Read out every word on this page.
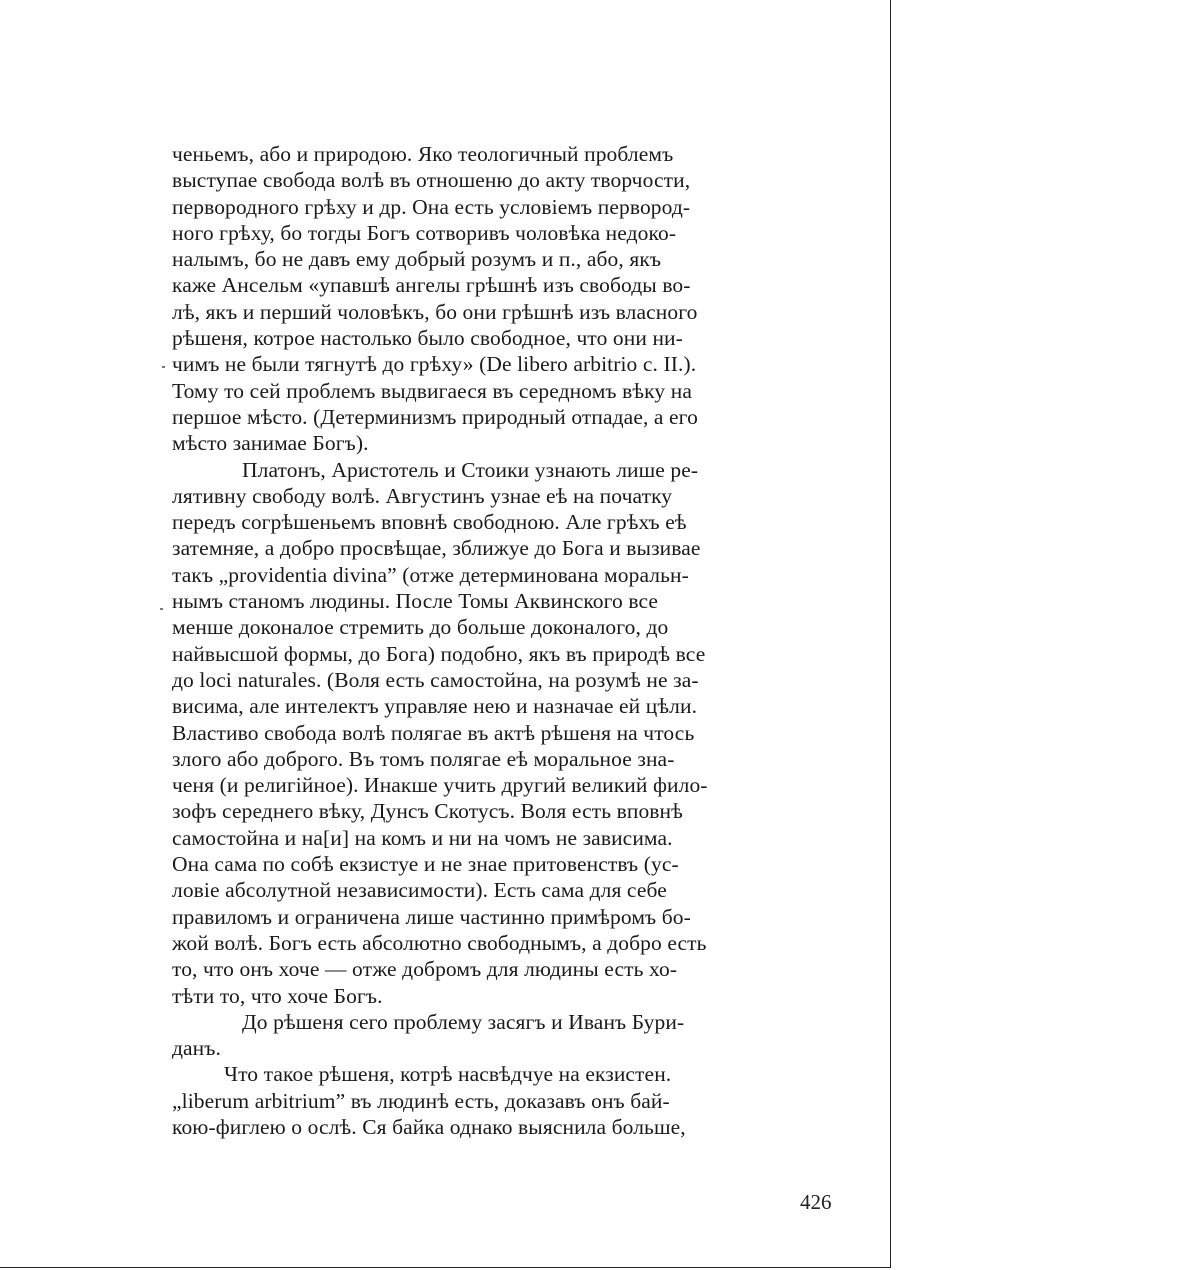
ченьемъ, або и природою. Яко теологичный проблемъ
выступае свобода волѣ въ отношеню до акту творчости,
первородного грѣху и др. Она есть условіемъ первород-
ного грѣху, бо тогды Богъ сотворивъ чоловѣка недоко-
налымъ, бо не давъ ему добрый розумъ и п., або, якъ
каже Ансельм «упавшѣ ангелы грѣшнѣ изъ свободы во-
лѣ, якъ и перший чоловѣкъ, бо они грѣшнѣ изъ власного
рѣшеня, котрое настолько было свободное, что они ни-
чимъ не были тягнутѣ до грѣху» (De libero arbitrio c. II.).
Тому то сей проблемъ выдвигаеся въ середномъ вѣку на
першое мѣсто. (Детерминизмъ природный отпадае, а его
мѣсто занимае Богъ).
Платонъ, Аристотель и Стоики узнають лише ре-
лятивну свободу волѣ. Августинъ узнае еѣ на початку
передъ согрѣшеньемъ вповнѣ свободною. Але грѣхъ еѣ
затемняе, а добро просвѣщае, зближуе до Бога и вызивае
такъ „providentia divina” (отже детерминована моральн-
нымъ станомъ людины. После Томы Аквинского все
менше доконалое стремить до больше доконалого, до
найвысшой формы, до Бога) подобно, якъ въ природѣ все
до loci naturales. (Воля есть самостойна, на розумѣ не за-
висима, але интелектъ управляе нею и назначае ей цѣли.
Властиво свобода волѣ полягае въ актѣ рѣшеня на чтось
злого або доброго. Въ томъ полягае еѣ моральное зна-
ченя (и религійное). Инакше учить другий великий фило-
зофъ середнего вѣку, Дунсъ Скотусъ. Воля есть вповнѣ
самостойна и на[и] на комъ и ни на чомъ не зависима.
Она сама по собѣ екзистуе и не знае притовенствъ (ус-
ловіе абсолутной независимости). Есть сама для себе
правиломъ и ограничена лише частинно примѣромъ бо-
жой волѣ. Богъ есть абсолютно свободнымъ, а добро есть
то, что онъ хоче — отже добромъ для людины есть хо-
тѣти то, что хоче Богъ.
До рѣшеня сего проблему засягъ и Иванъ Бури-
данъ.
Что такое рѣшеня, котрѣ насвѣдчуе на екзистен.
„liberum arbitrium” въ людинѣ есть, доказавъ онъ бай-
кою-фиглею о ослѣ. Ся байка однако выяснила больше,
426
